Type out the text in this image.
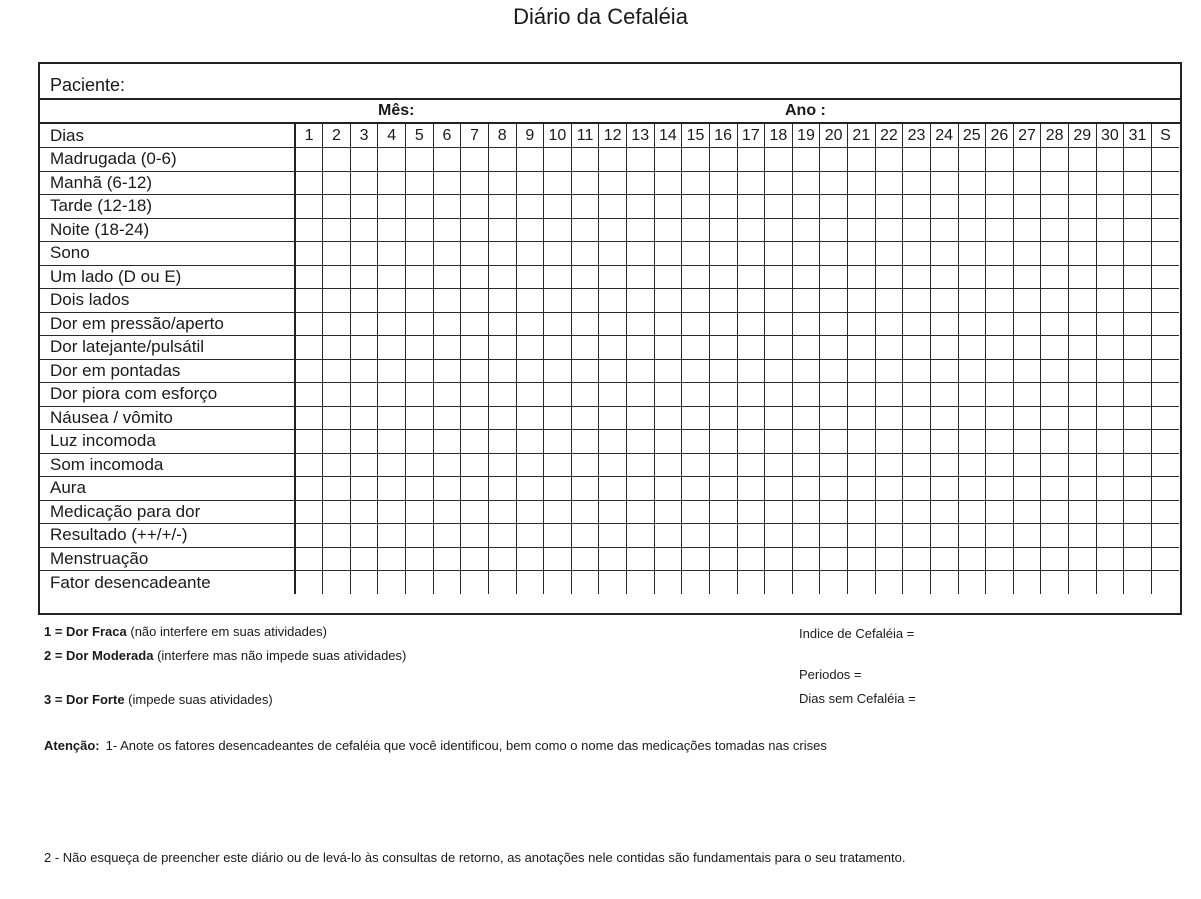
Diário da Cefaléia
Paciente:
Mês:	Ano :
Dias	1	2	3	4	5	6	7	8	9	10	11	12	13	14	15	16	17	18	19	20	21	22	23	24	25	26	27	28	29	30	31	S
Madrugada (0-6)																																
Manhã (6-12)																																
Tarde (12-18)																																
Noite (18-24)																																
Sono																																
Um lado (D ou E)																																
Dois lados																																
Dor em pressão/aperto																																
Dor latejante/pulsátil																																
Dor em pontadas																																
Dor piora com esforço																																
Náusea / vômito																																
Luz incomoda																																
Som incomoda																																
Aura																																
Medicação para dor																																
Resultado (++/+/-)																																
Menstruação																																
Fator desencadeante																																
1 = Dor Fraca (não interfere em suas atividades)
2 = Dor Moderada (interfere mas não impede suas atividades)
3 = Dor Forte (impede suas atividades)
Indice de Cefaléia =
Periodos =
Dias sem Cefaléia =
Atenção: 1- Anote os fatores desencadeantes de cefaléia que você identificou, bem como o nome das medicações tomadas nas crises
2 - Não esqueça de preencher este diário ou de levá-lo às consultas de retorno, as anotações nele contidas são fundamentais para o seu tratamento.
